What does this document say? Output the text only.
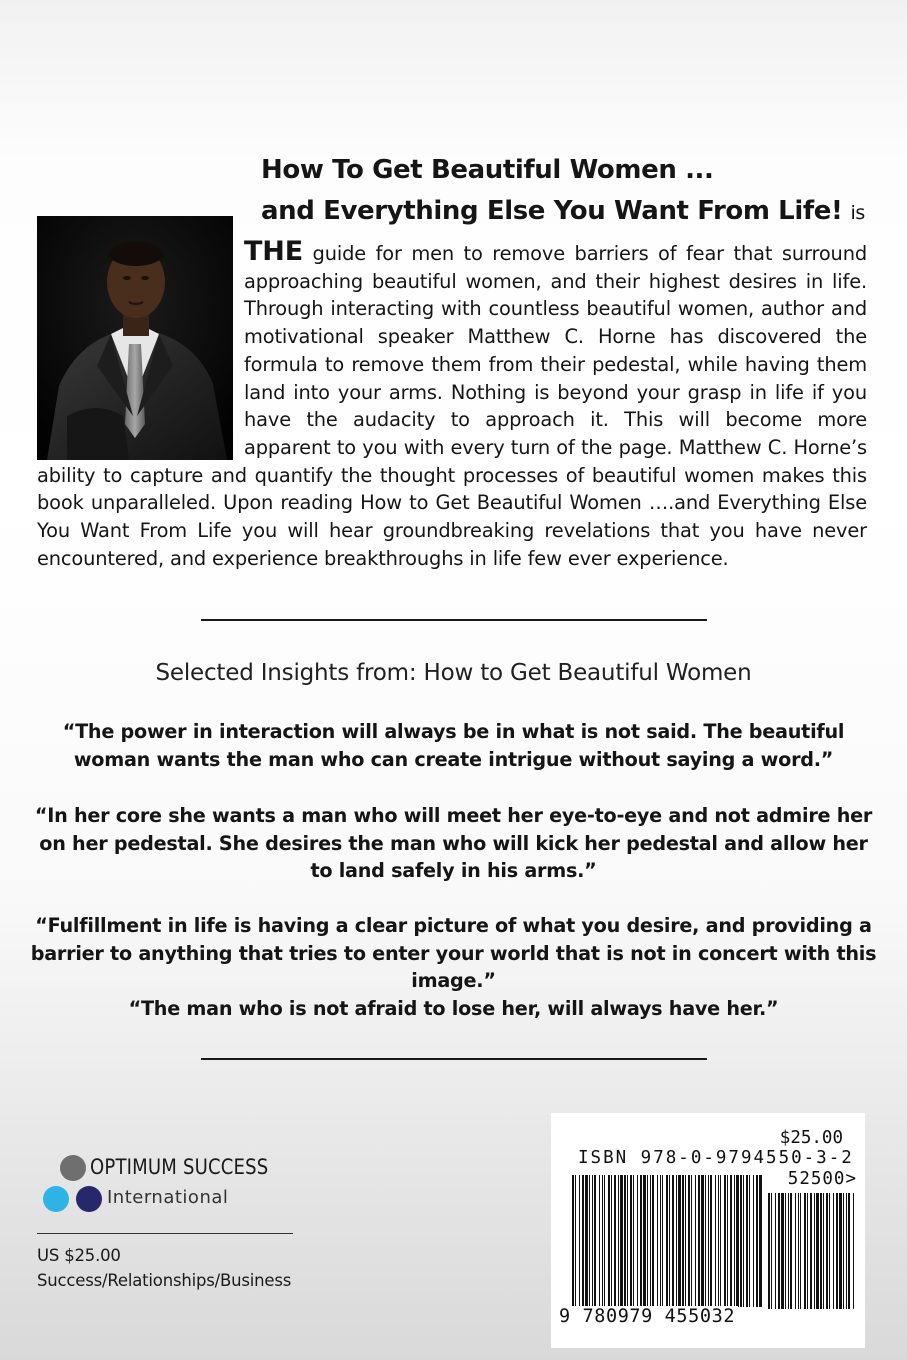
How To Get Beautiful Women ...
and Everything Else You Want From Life! is

THE guide for men to remove barriers of fear that surround approaching beautiful women, and their highest desires in life. Through interacting with countless beautiful women, author and motivational speaker Matthew C. Horne has discovered the formula to remove them from their pedestal, while having them land into your arms. Nothing is beyond your grasp in life if you have the audacity to approach it. This will become more apparent to you with every turn of the page. Matthew C. Horne’s ability to capture and quantify the thought processes of beautiful women makes this book unparalleled. Upon reading How to Get Beautiful Women ….and Everything Else You Want From Life you will hear groundbreaking revelations that you have never encountered, and experience breakthroughs in life few ever experience.

Selected Insights from: How to Get Beautiful Women

“The power in interaction will always be in what is not said. The beautiful woman wants the man who can create intrigue without saying a word.”

“In her core she wants a man who will meet her eye-to-eye and not admire her on her pedestal. She desires the man who will kick her pedestal and allow her to land safely in his arms.”

“Fulfillment in life is having a clear picture of what you desire, and providing a barrier to anything that tries to enter your world that is not in concert with this image.”

“The man who is not afraid to lose her, will always have her.”

OPTIMUM SUCCESS
International
US $25.00
Success/Relationships/Business
$25.00
ISBN 978-0-9794550-3-2
52500>
9 780979 455032
